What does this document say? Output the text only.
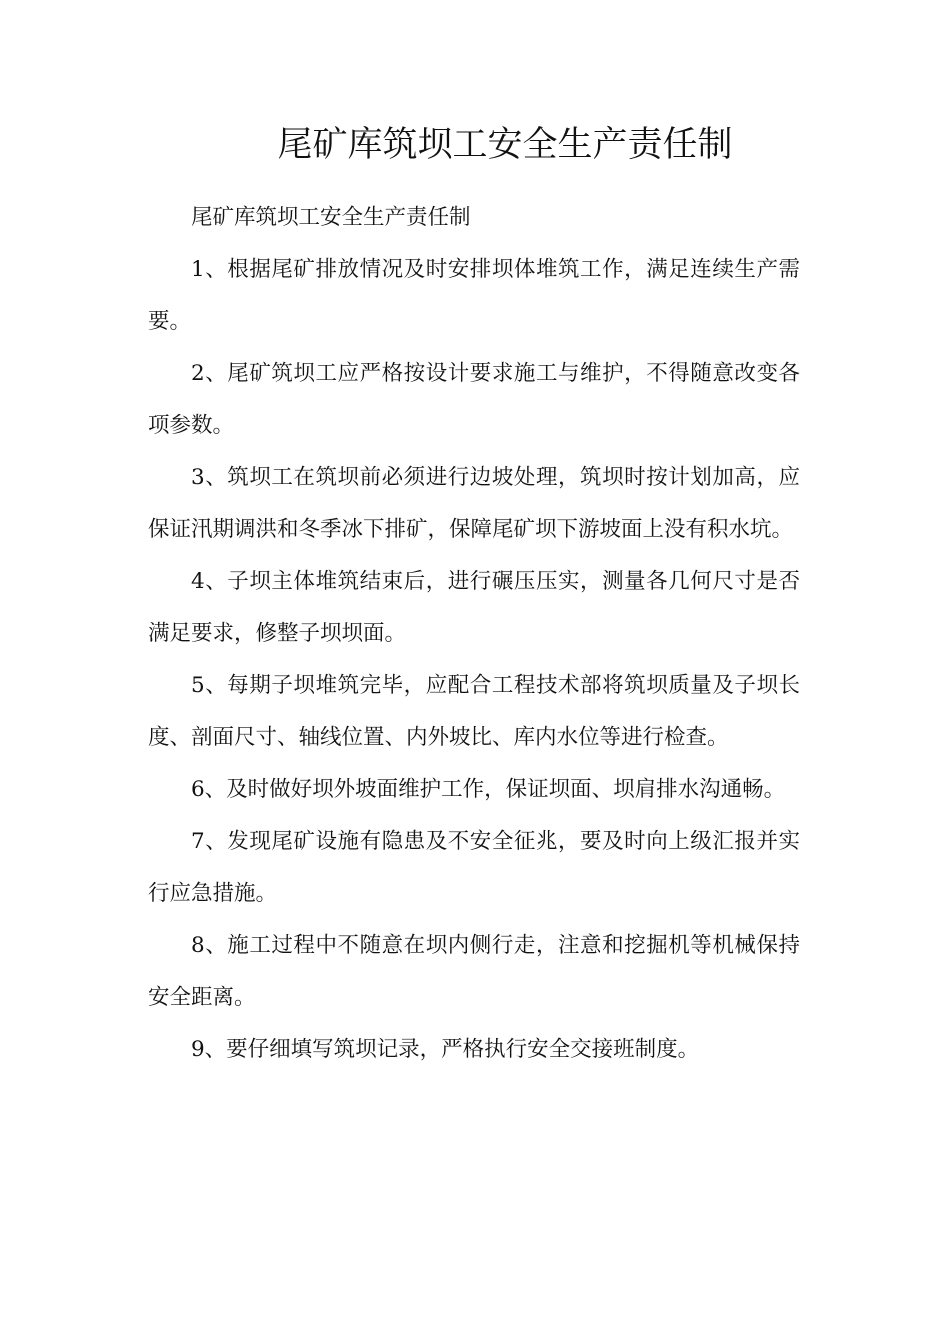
尾矿库筑坝工安全生产责任制

尾矿库筑坝工安全生产责任制

1、根据尾矿排放情况及时安排坝体堆筑工作，满足连续生产需要。

2、尾矿筑坝工应严格按设计要求施工与维护，不得随意改变各项参数。

3、筑坝工在筑坝前必须进行边坡处理，筑坝时按计划加高，应保证汛期调洪和冬季冰下排矿，保障尾矿坝下游坡面上没有积水坑。

4、子坝主体堆筑结束后，进行碾压压实，测量各几何尺寸是否满足要求，修整子坝坝面。

5、每期子坝堆筑完毕，应配合工程技术部将筑坝质量及子坝长度、剖面尺寸、轴线位置、内外坡比、库内水位等进行检查。

6、及时做好坝外坡面维护工作，保证坝面、坝肩排水沟通畅。

7、发现尾矿设施有隐患及不安全征兆，要及时向上级汇报并实行应急措施。

8、施工过程中不随意在坝内侧行走，注意和挖掘机等机械保持安全距离。

9、要仔细填写筑坝记录，严格执行安全交接班制度。
